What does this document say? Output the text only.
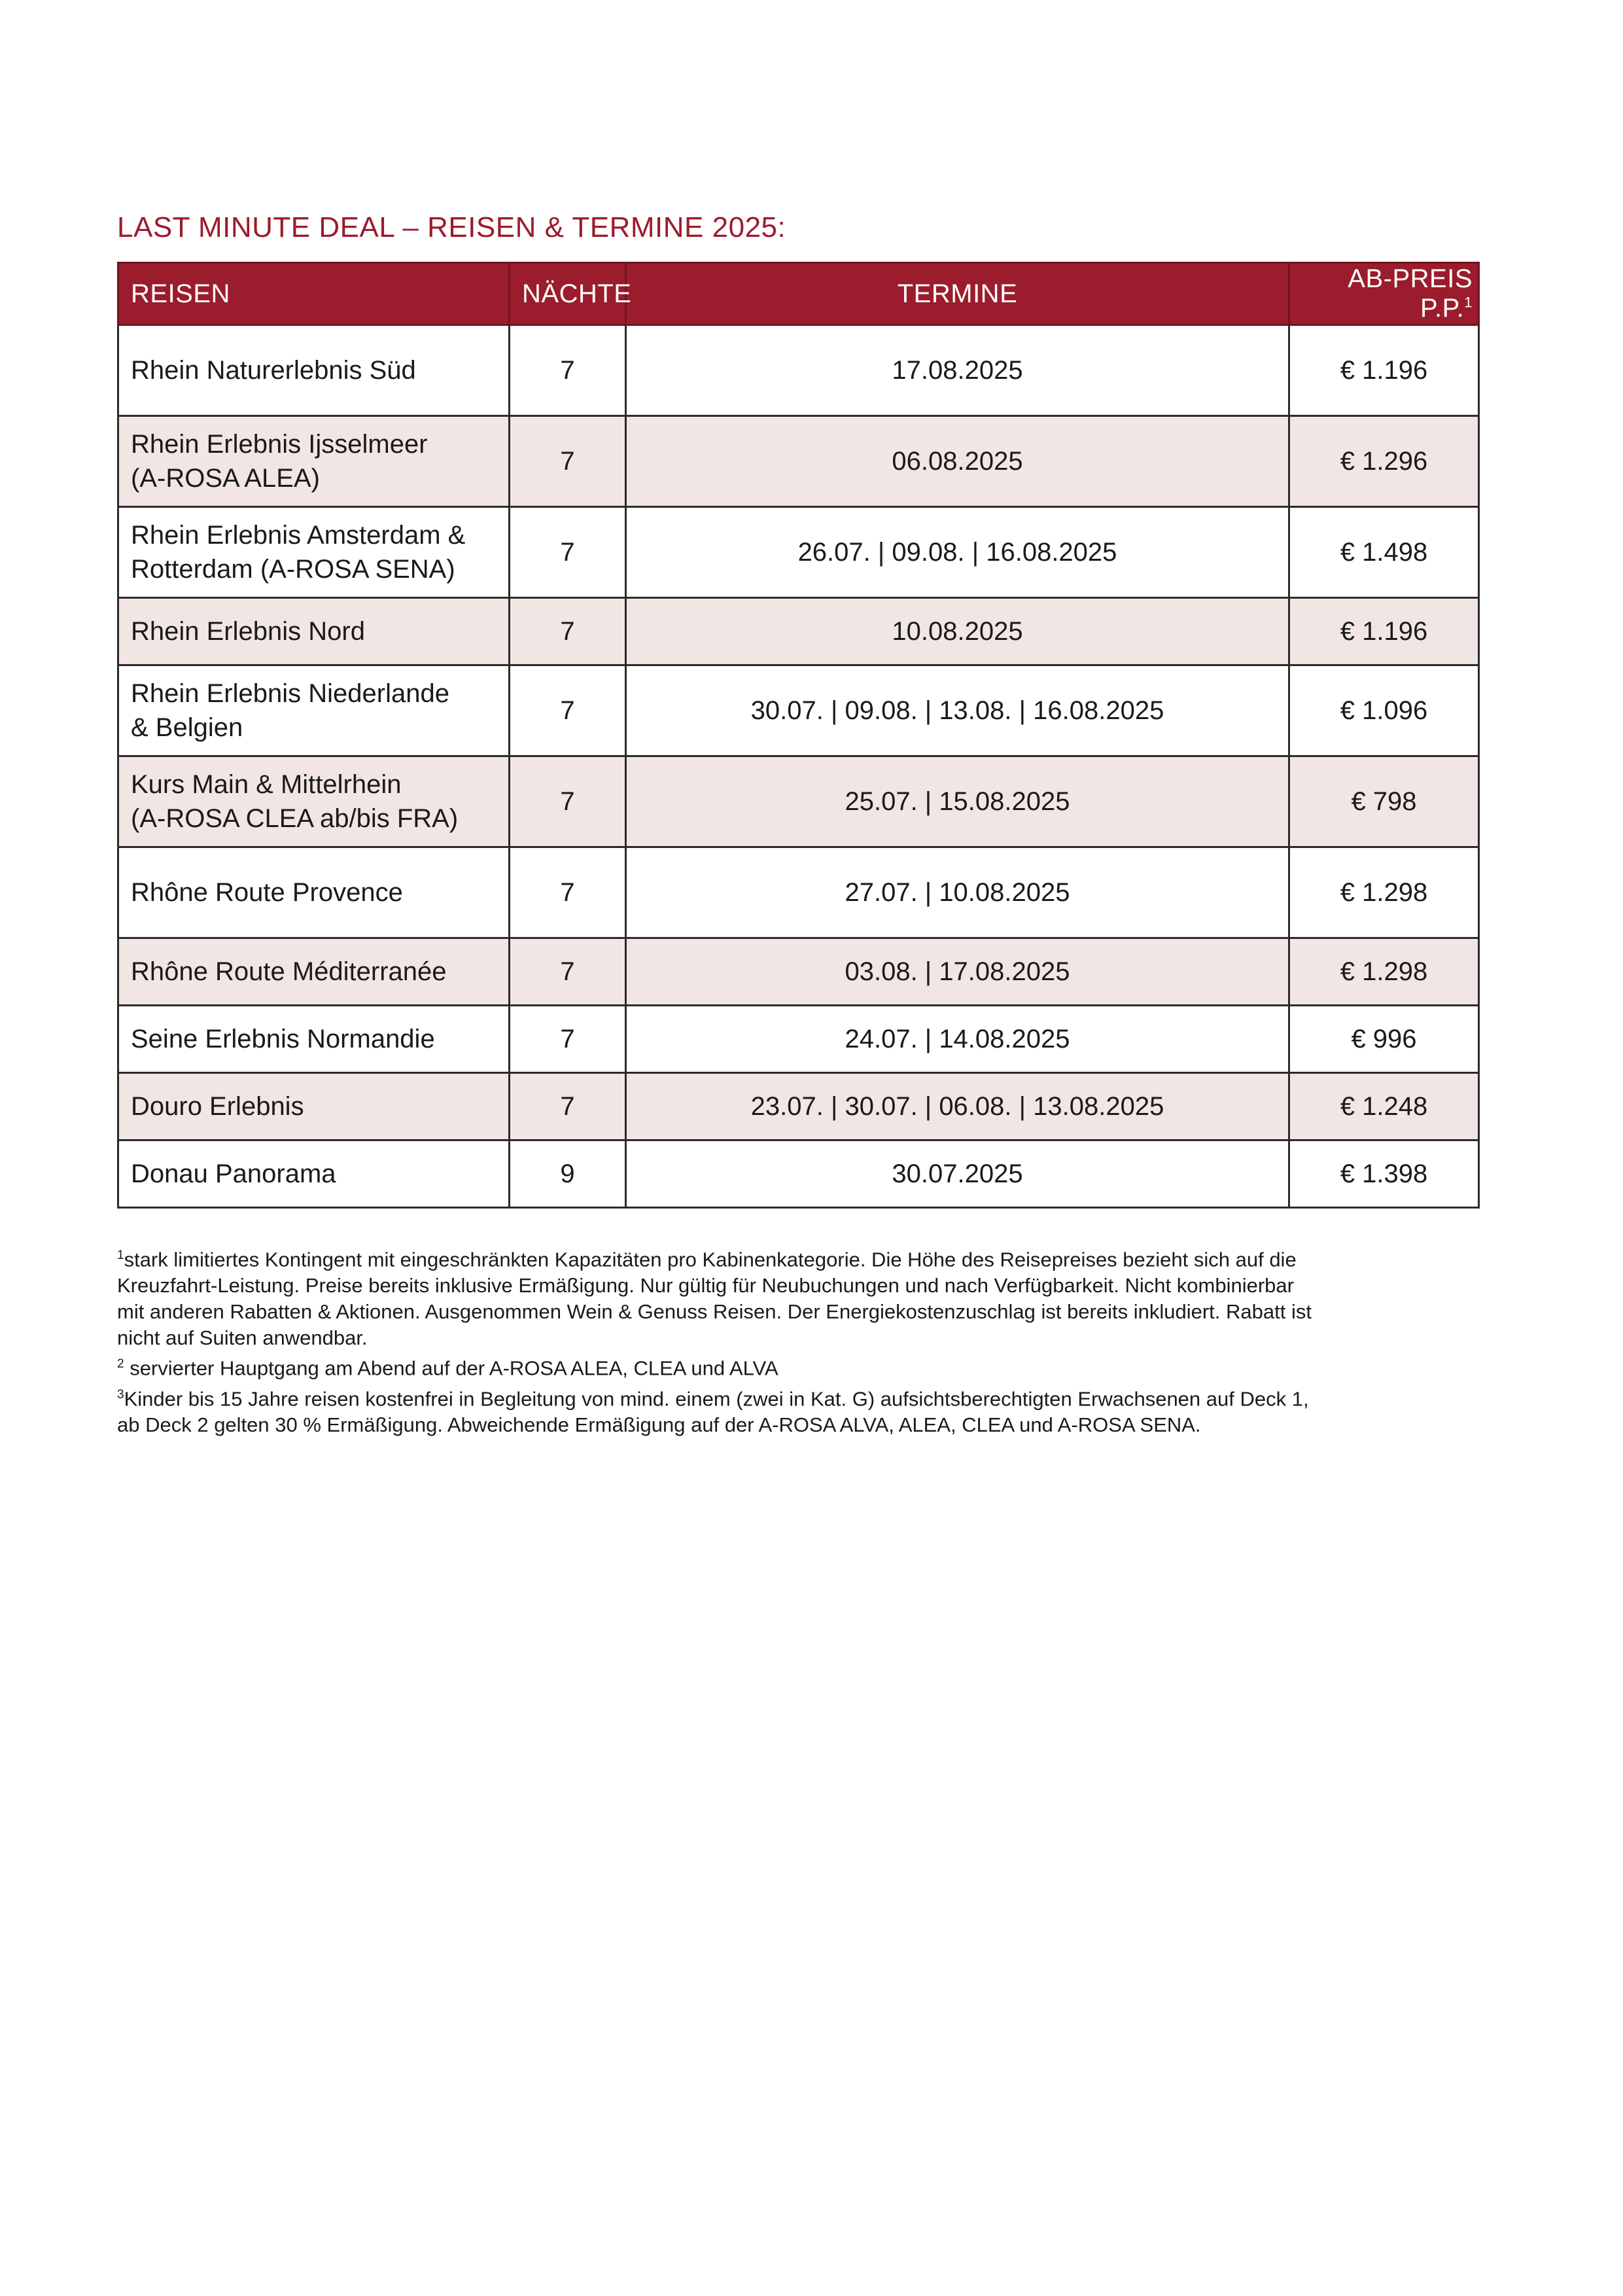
LAST MINUTE DEAL – REISEN & TERMINE 2025:
REISEN	NÄCHTE	TERMINE	AB-PREIS P.P.$^1$
Rhein Naturerlebnis Süd	7	17.08.2025	€ 1.196
Rhein Erlebnis Ijsselmeer
(A-ROSA ALEA)	7	06.08.2025	€ 1.296
Rhein Erlebnis Amsterdam &
Rotterdam (A-ROSA SENA)	7	26.07. | 09.08. | 16.08.2025	€ 1.498
Rhein Erlebnis Nord	7	10.08.2025	€ 1.196
Rhein Erlebnis Niederlande
& Belgien	7	30.07. | 09.08. | 13.08. | 16.08.2025	€ 1.096
Kurs Main & Mittelrhein
(A-ROSA CLEA ab/bis FRA)	7	25.07. | 15.08.2025	€ 798
Rhône Route Provence	7	27.07. | 10.08.2025	€ 1.298
Rhône Route Méditerranée	7	03.08. | 17.08.2025	€ 1.298
Seine Erlebnis Normandie	7	24.07. | 14.08.2025	€ 996
Douro Erlebnis	7	23.07. | 30.07. | 06.08. | 13.08.2025	€ 1.248
Donau Panorama	9	30.07.2025	€ 1.398

$^1$stark limitiertes Kontingent mit eingeschränkten Kapazitäten pro Kabinenkategorie. Die Höhe des Reisepreises bezieht sich auf die
Kreuzfahrt-Leistung. Preise bereits inklusive Ermäßigung. Nur gültig für Neubuchungen und nach Verfügbarkeit. Nicht kombinierbar
mit anderen Rabatten & Aktionen. Ausgenommen Wein & Genuss Reisen. Der Energiekostenzuschlag ist bereits inkludiert. Rabatt ist
nicht auf Suiten anwendbar.

$^2$ servierter Hauptgang am Abend auf der A-ROSA ALEA, CLEA und ALVA

$^3$Kinder bis 15 Jahre reisen kostenfrei in Begleitung von mind. einem (zwei in Kat. G) aufsichtsberechtigten Erwachsenen auf Deck 1,
ab Deck 2 gelten 30 % Ermäßigung. Abweichende Ermäßigung auf der A-ROSA ALVA, ALEA, CLEA und A-ROSA SENA.
